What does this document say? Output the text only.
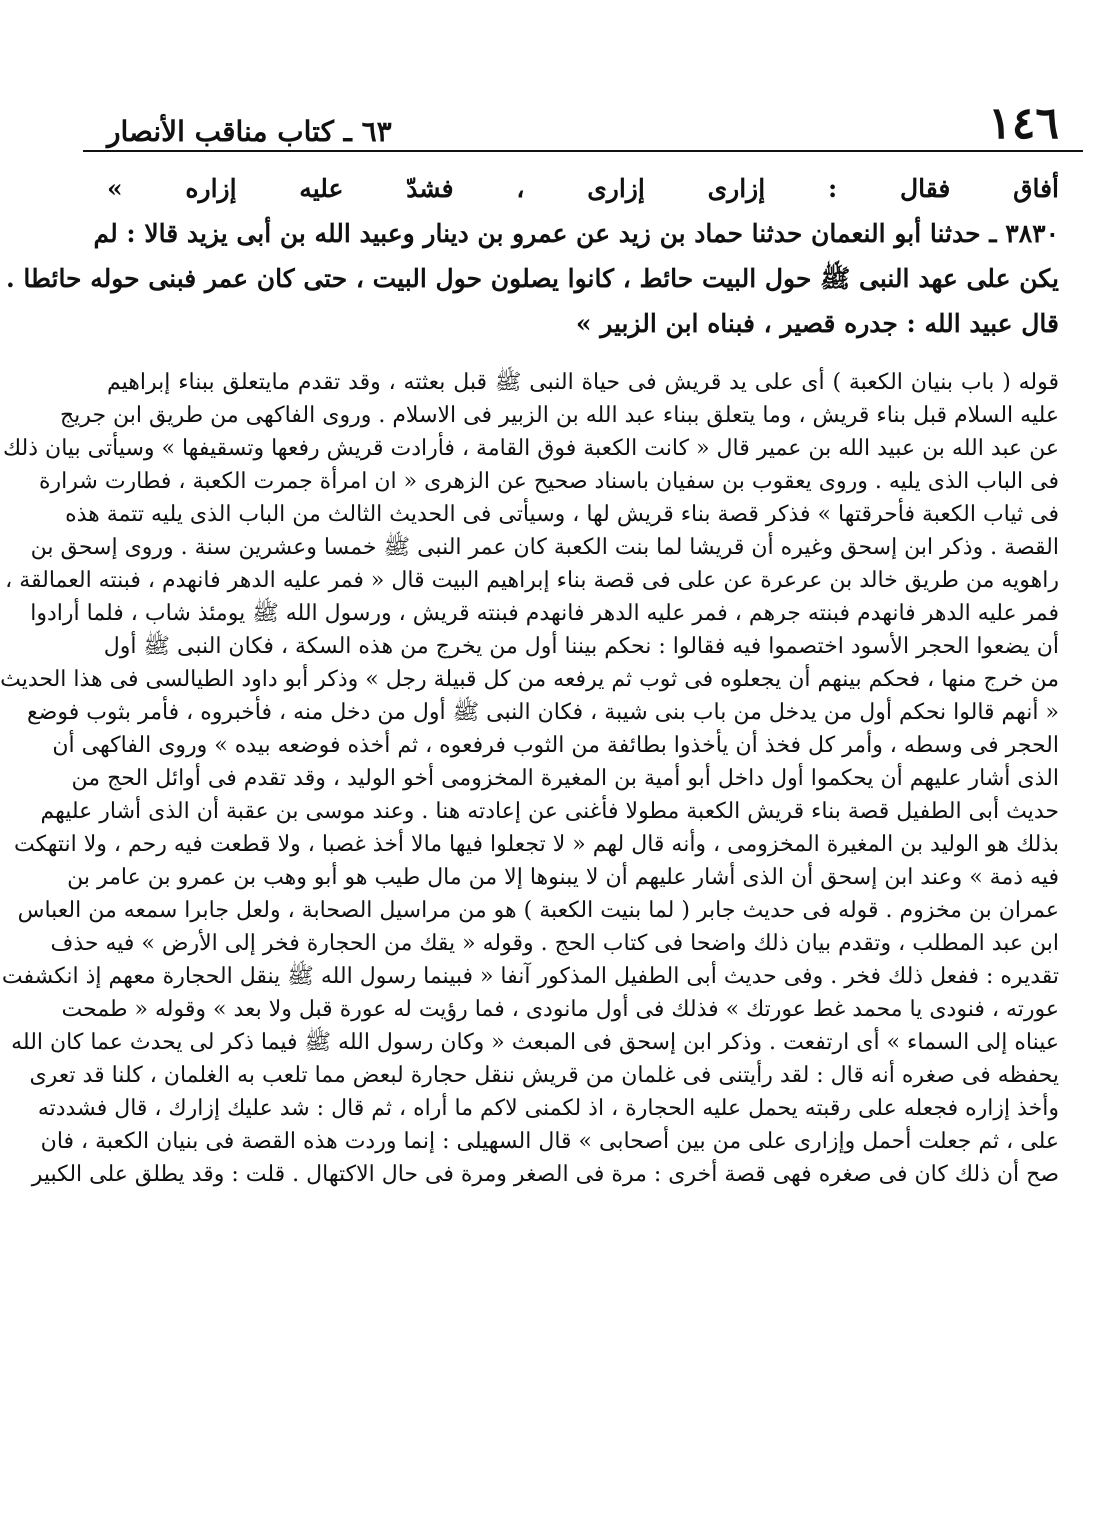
١٤٦
٦٣ ـ كتاب مناقب الأنصار
أفاق فقال : إزارى إزارى ، فشدّ عليه إزاره »
٣٨٣٠ ـ حدثنا أبو النعمان حدثنا حماد بن زيد عن عمرو بن دينار وعبيد الله بن أبى يزيد قالا : لم
يكن على عهد النبى ﷺ حول البيت حائط ، كانوا يصلون حول البيت ، حتى كان عمر فبنى حوله حائطا .
قال عبيد الله : جدره قصير ، فبناه ابن الزبير »
قوله ( باب بنيان الكعبة ) أى على يد قريش فى حياة النبى ﷺ قبل بعثته ، وقد تقدم مايتعلق ببناء إبراهيم
عليه السلام قبل بناء قريش ، وما يتعلق ببناء عبد الله بن الزبير فى الاسلام . وروى الفاكهى من طريق ابن جريج
عن عبد الله بن عبيد الله بن عمير قال « كانت الكعبة فوق القامة ، فأرادت قريش رفعها وتسقيفها » وسيأتى بيان ذلك
فى الباب الذى يليه . وروى يعقوب بن سفيان باسناد صحيح عن الزهرى « ان امرأة جمرت الكعبة ، فطارت شرارة
فى ثياب الكعبة فأحرقتها » فذكر قصة بناء قريش لها ، وسيأتى فى الحديث الثالث من الباب الذى يليه تتمة هذه
القصة . وذكر ابن إسحق وغيره أن قريشا لما بنت الكعبة كان عمر النبى ﷺ خمسا وعشرين سنة . وروى إسحق بن
راهويه من طريق خالد بن عرعرة عن على فى قصة بناء إبراهيم البيت قال « فمر عليه الدهر فانهدم ، فبنته العمالقة ،
فمر عليه الدهر فانهدم فبنته جرهم ، فمر عليه الدهر فانهدم فبنته قريش ، ورسول الله ﷺ يومئذ شاب ، فلما أرادوا
أن يضعوا الحجر الأسود اختصموا فيه فقالوا : نحكم بيننا أول من يخرج من هذه السكة ، فكان النبى ﷺ أول
من خرج منها ، فحكم بينهم أن يجعلوه فى ثوب ثم يرفعه من كل قبيلة رجل » وذكر أبو داود الطيالسى فى هذا الحديث
« أنهم قالوا نحكم أول من يدخل من باب بنى شيبة ، فكان النبى ﷺ أول من دخل منه ، فأخبروه ، فأمر بثوب فوضع
الحجر فى وسطه ، وأمر كل فخذ أن يأخذوا بطائفة من الثوب فرفعوه ، ثم أخذه فوضعه بيده » وروى الفاكهى أن
الذى أشار عليهم أن يحكموا أول داخل أبو أمية بن المغيرة المخزومى أخو الوليد ، وقد تقدم فى أوائل الحج من
حديث أبى الطفيل قصة بناء قريش الكعبة مطولا فأغنى عن إعادته هنا . وعند موسى بن عقبة أن الذى أشار عليهم
بذلك هو الوليد بن المغيرة المخزومى ، وأنه قال لهم « لا تجعلوا فيها مالا أخذ غصبا ، ولا قطعت فيه رحم ، ولا انتهكت
فيه ذمة » وعند ابن إسحق أن الذى أشار عليهم أن لا يبنوها إلا من مال طيب هو أبو وهب بن عمرو بن عامر بن
عمران بن مخزوم . قوله فى حديث جابر ( لما بنيت الكعبة ) هو من مراسيل الصحابة ، ولعل جابرا سمعه من العباس
ابن عبد المطلب ، وتقدم بيان ذلك واضحا فى كتاب الحج . وقوله « يقك من الحجارة فخر إلى الأرض » فيه حذف
تقديره : ففعل ذلك فخر . وفى حديث أبى الطفيل المذكور آنفا « فبينما رسول الله ﷺ ينقل الحجارة معهم إذ انكشفت
عورته ، فنودى يا محمد غط عورتك » فذلك فى أول مانودى ، فما رؤيت له عورة قبل ولا بعد » وقوله « طمحت
عيناه إلى السماء » أى ارتفعت . وذكر ابن إسحق فى المبعث « وكان رسول الله ﷺ فيما ذكر لى يحدث عما كان الله
يحفظه فى صغره أنه قال : لقد رأيتنى فى غلمان من قريش ننقل حجارة لبعض مما تلعب به الغلمان ، كلنا قد تعرى
وأخذ إزاره فجعله على رقبته يحمل عليه الحجارة ، اذ لكمنى لاكم ما أراه ، ثم قال : شد عليك إزارك ، قال فشددته
على ، ثم جعلت أحمل وإزارى على من بين أصحابى » قال السهيلى : إنما وردت هذه القصة فى بنيان الكعبة ، فان
صح أن ذلك كان فى صغره فهى قصة أخرى : مرة فى الصغر ومرة فى حال الاكتهال . قلت : وقد يطلق على الكبير
